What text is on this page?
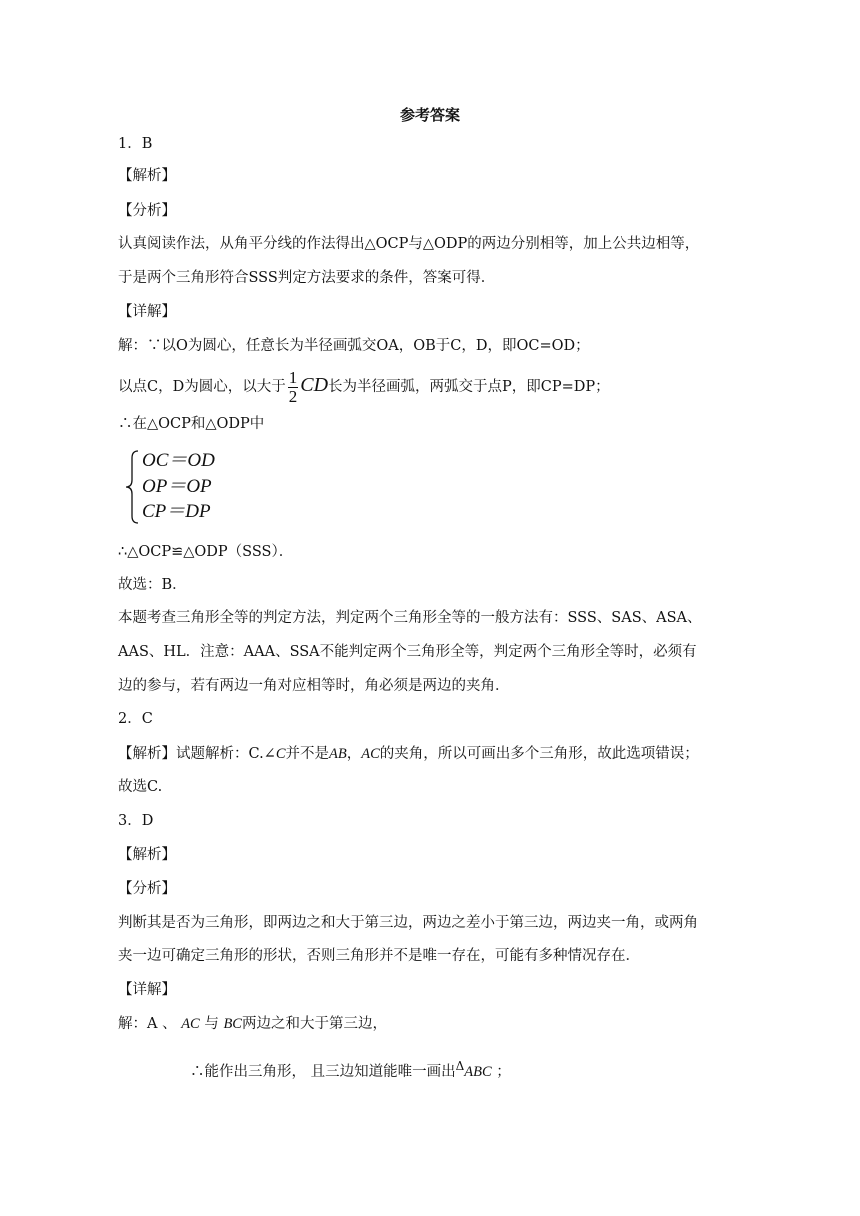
参考答案
1．B
【解析】
【分析】
认真阅读作法，从角平分线的作法得出△OCP与△ODP的两边分别相等，加上公共边相等，
于是两个三角形符合SSS判定方法要求的条件，答案可得．
【详解】
解：∵以O为圆心，任意长为半径画弧交OA，OB于C，D，即OC=OD；
以点C，D为圆心，以大于 $\frac{1}{2}$ CD长为半径画弧，两弧交于点P，即CP=DP；
∴在△OCP和△ODP中
OC＝OD
OP＝OP
CP＝DP
∴△OCP≌△ODP（SSS）．
故选：B．
本题考查三角形全等的判定方法，判定两个三角形全等的一般方法有：SSS、SAS、ASA、
AAS、HL．注意：AAA、SSA不能判定两个三角形全等，判定两个三角形全等时，必须有
边的参与，若有两边一角对应相等时，角必须是两边的夹角．
2．C
【解析】试题解析：C.∠C并不是AB，AC的夹角，所以可画出多个三角形，故此选项错误；
故选C.
3．D
【解析】
【分析】
判断其是否为三角形，即两边之和大于第三边，两边之差小于第三边，两边夹一角，或两角
夹一边可确定三角形的形状，否则三角形并不是唯一存在，可能有多种情况存在．
【详解】
解：A 、 AC 与 BC两边之和大于第三边，
∴能作出三角形， 且三边知道能唯一画出$^\Delta$ABC ；
